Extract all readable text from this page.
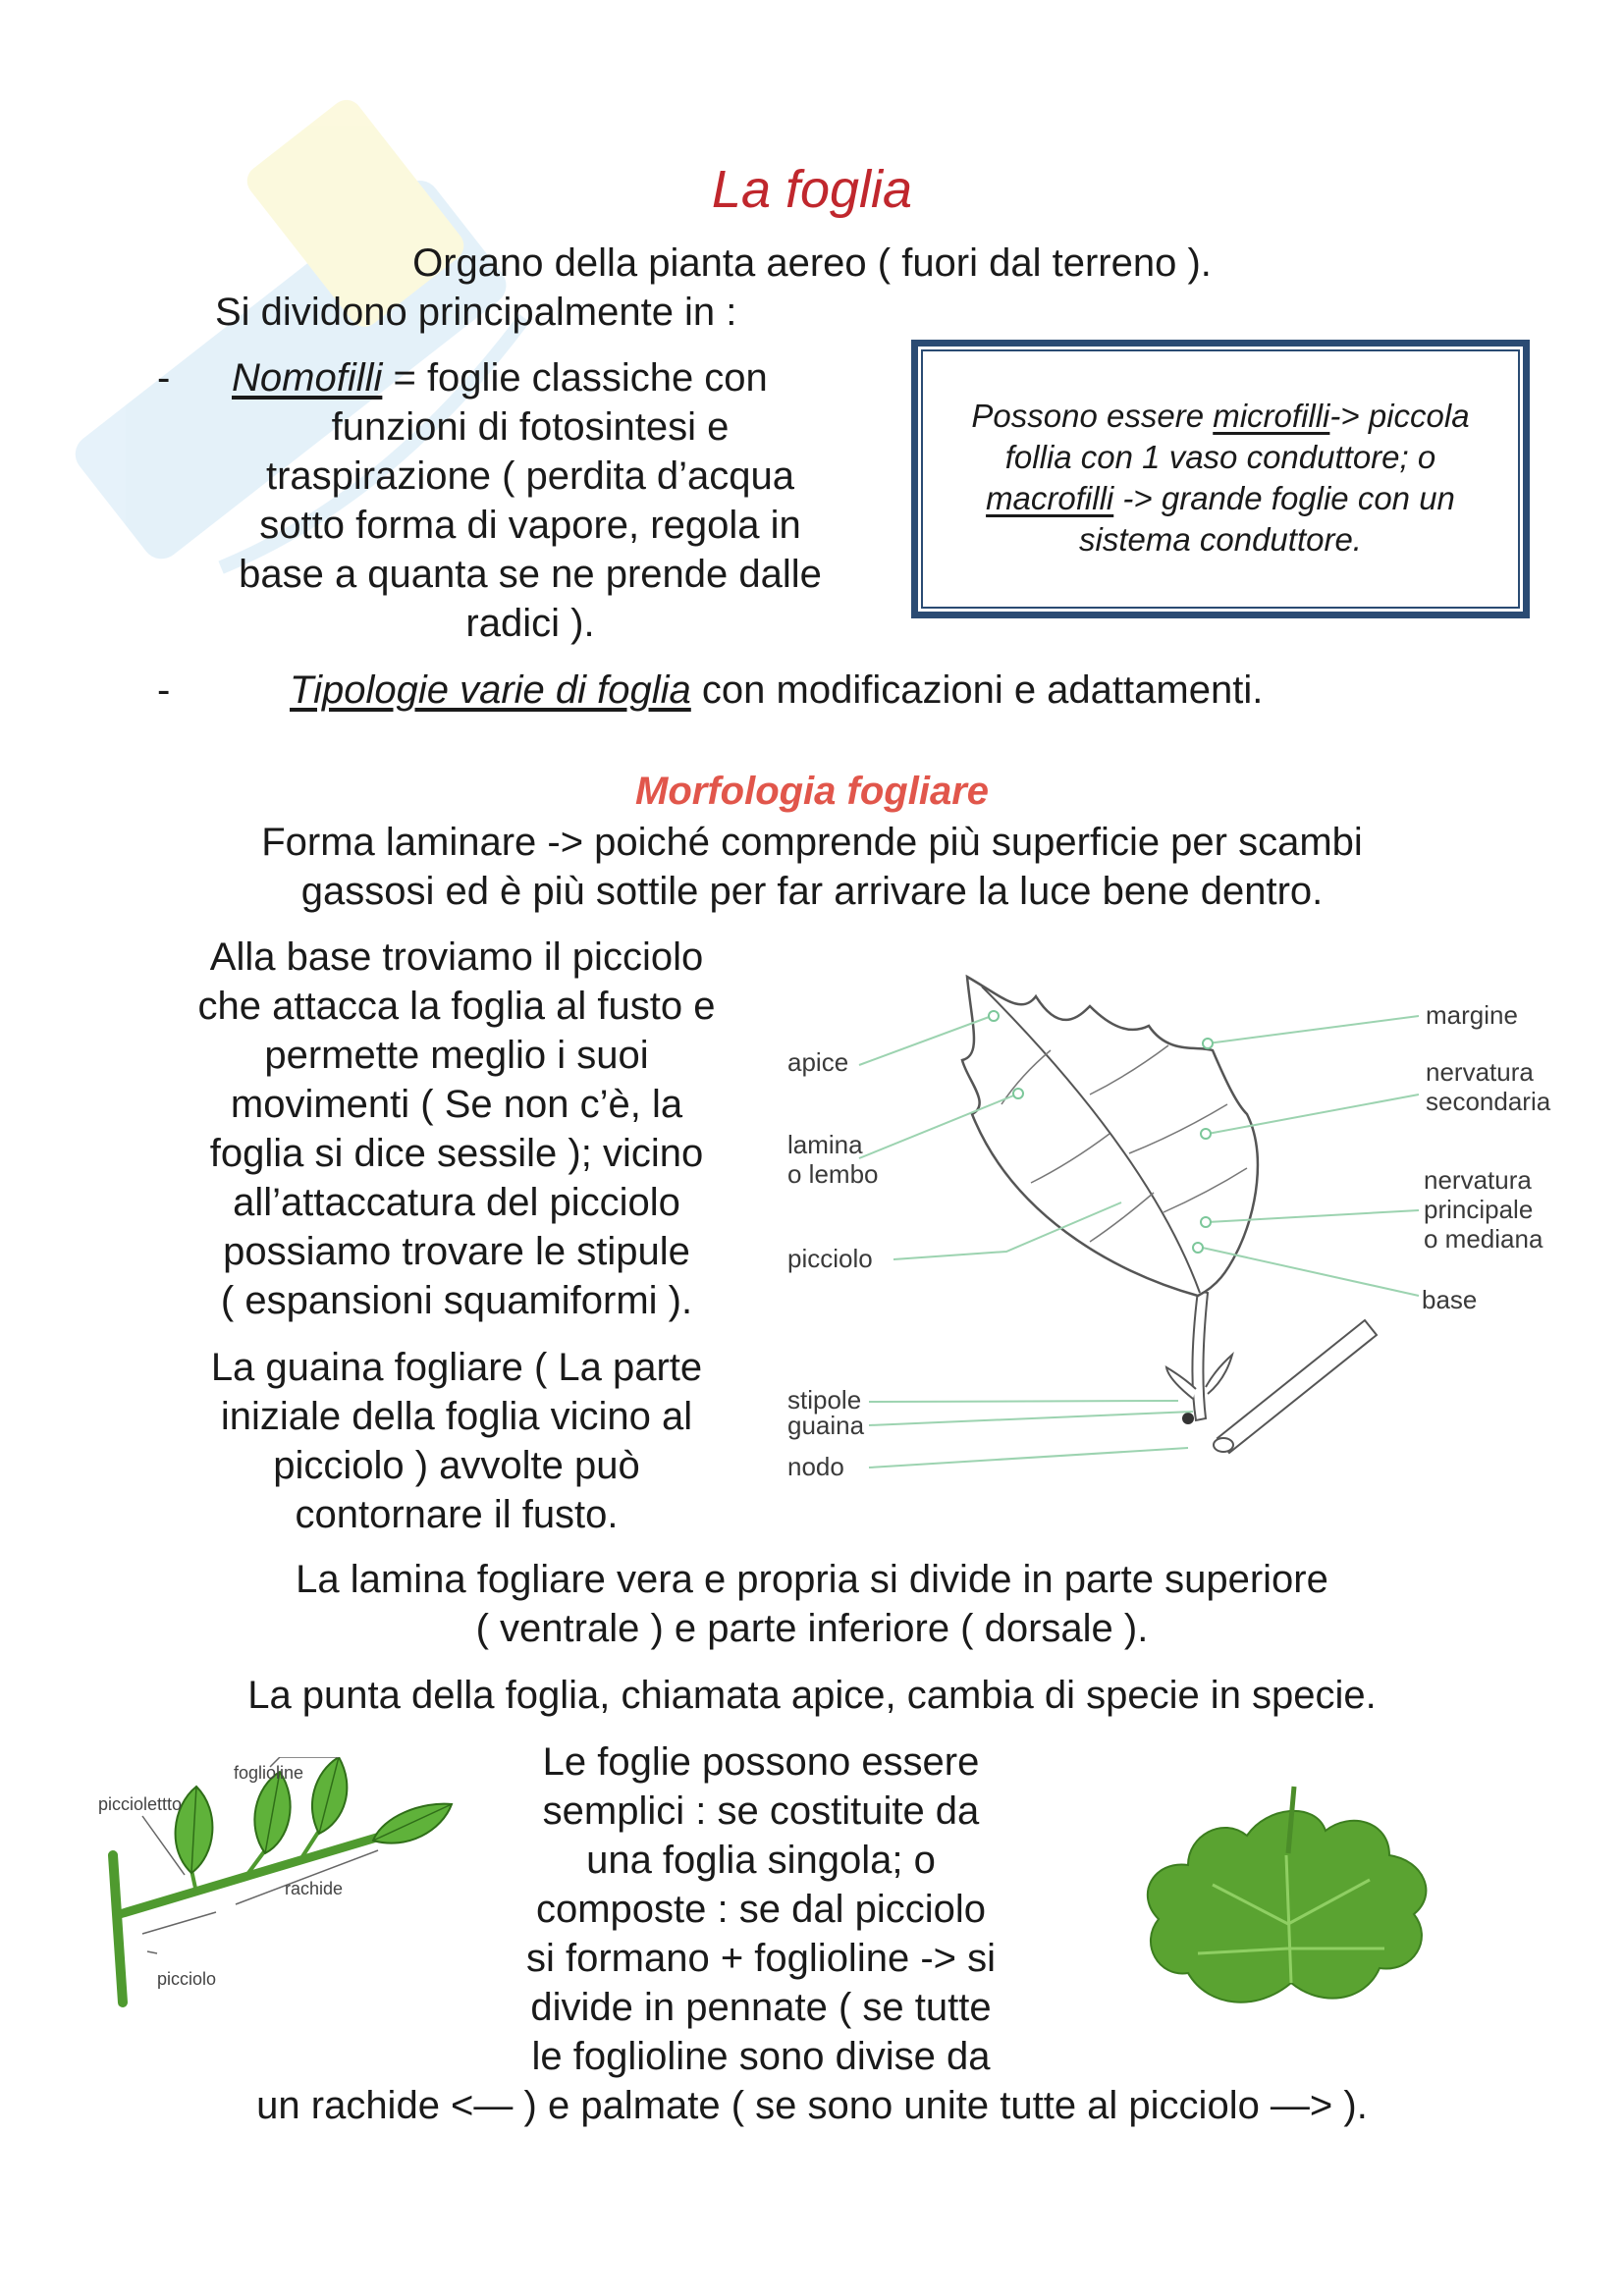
La foglia
Organo della pianta aereo ( fuori dal terreno ).
Si dividono principalmente in :
-
-
Nomofilli = foglie classiche con
funzioni di fotosintesi e
traspirazione ( perdita d’acqua
sotto forma di vapore, regola in
base a quanta se ne prende dalle
radici ).
Possono essere microfilli-> piccola
follia con 1 vaso conduttore; o
macrofilli -> grande foglie con un
sistema conduttore.
Tipologie varie di foglia con modificazioni e adattamenti.
Morfologia fogliare
Forma laminare -> poiché comprende più superficie per scambi
gassosi ed è più sottile per far arrivare la luce bene dentro.
Alla base troviamo il picciolo
che attacca la foglia al fusto e
permette meglio i suoi
movimenti ( Se non c’è, la
foglia si dice sessile ); vicino
all’attaccatura del picciolo
possiamo trovare le stipule
( espansioni squamiformi ).
La guaina fogliare ( La parte
iniziale della foglia vicino al
picciolo ) avvolte può
contornare il fusto.
apice
lamina
o lembo
picciolo
stipole
guaina
nodo
margine
nervatura
secondaria
nervatura
principale
o mediana
base
La lamina fogliare vera e propria si divide in parte superiore
( ventrale ) e parte inferiore ( dorsale ).
La punta della foglia, chiamata apice, cambia di specie in specie.
picciolettto
foglioline
rachide
picciolo
Le foglie possono essere
semplici : se costituite da
una foglia singola; o
composte : se dal picciolo
si formano + foglioline -> si
divide in pennate ( se tutte
le foglioline sono divise da
un rachide <— ) e palmate ( se sono unite tutte al picciolo —> ).
